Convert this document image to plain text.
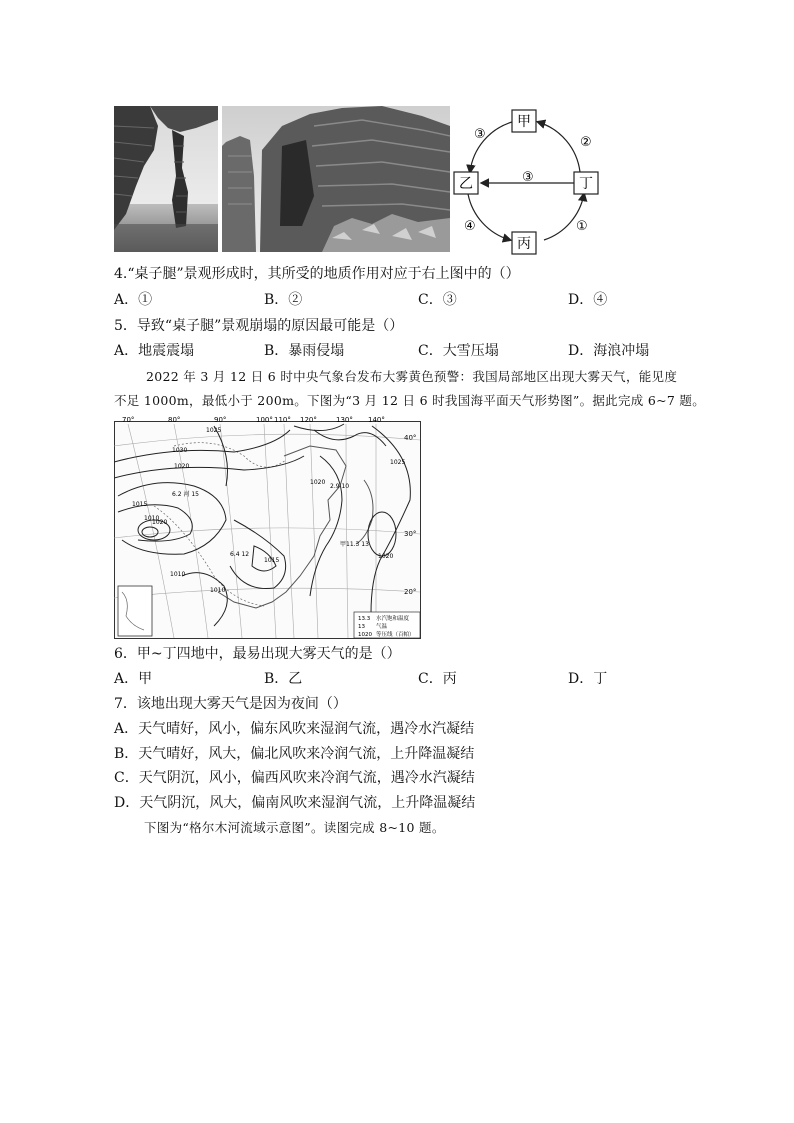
甲
乙
丙
丁
③
②
③
①
④
4.“桌子腿”景观形成时，其所受的地质作用对应于右上图中的（）
A．①	B．②	C．③	D．④
5．导致“桌子腿”景观崩塌的原因最可能是（）
A．地震震塌	B．暴雨侵塌	C．大雪压塌	D．海浪冲塌
2022 年 3 月 12 日 6 时中央气象台发布大雾黄色预警：我国局部地区出现大雾天气，能见度
不足 1000m，最低小于 200m。下图为“3 月 12 日 6 时我国海平面天气形势图”。据此完成 6~7 题。
70°	80°	90°	100° 110° 120°	130° 140°
40°
30°
20°
1030
1025
1020
1020
1015
1010
1010
1020
1025
1020
1015
1010
6.2 河 15
2.9 10
6.4 12
甲11.3 13
13.3 水汽饱和温度
13 气温
1020 等压线（百帕）
6．甲~丁四地中，最易出现大雾天气的是（）
A．甲	B．乙	C．丙	D．丁
7．该地出现大雾天气是因为夜间（）
A．天气晴好，风小，偏东风吹来湿润气流，遇冷水汽凝结
B．天气晴好，风大，偏北风吹来冷润气流，上升降温凝结
C．天气阴沉，风小，偏西风吹来冷润气流，遇冷水汽凝结
D．天气阴沉，风大，偏南风吹来湿润气流，上升降温凝结
下图为“格尔木河流域示意图”。读图完成 8~10 题。
